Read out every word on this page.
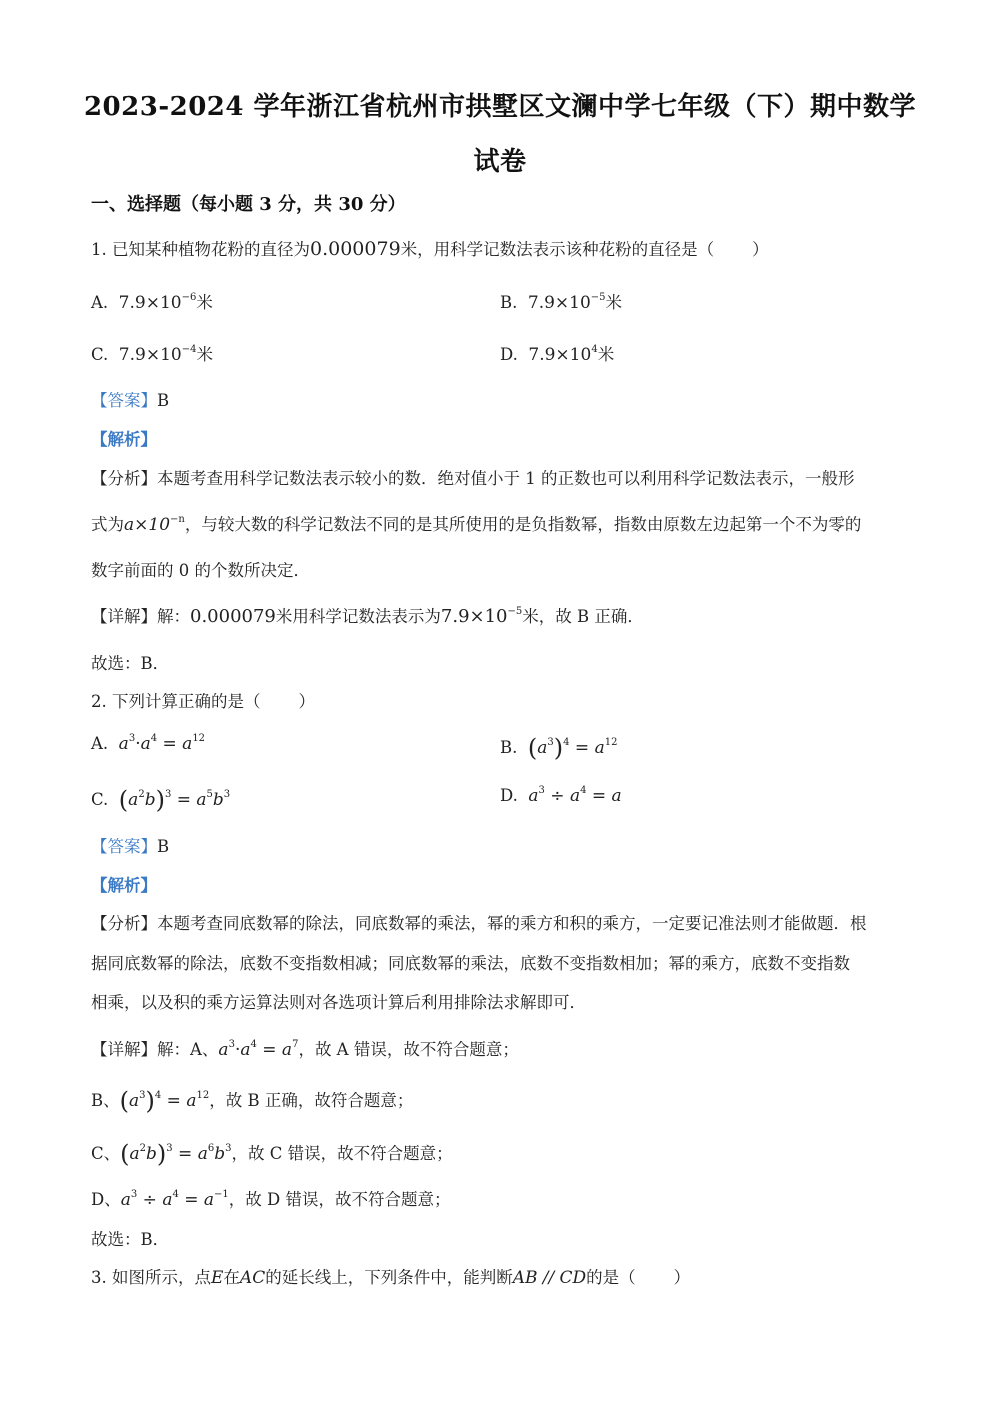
2023-2024 学年浙江省杭州市拱墅区文澜中学七年级（下）期中数学
试卷
一、选择题（每小题 3 分，共 30 分）
1. 已知某种植物花粉的直径为0.000079米，用科学记数法表示该种花粉的直径是（ ）
A. $7.9\times 10^{-6}$米	B. $7.9\times 10^{-5}$米
C. $7.9\times 10^{-4}$米	D. $7.9\times 10^4$米
【答案】B
【解析】
【分析】本题考查用科学记数法表示较小的数．绝对值小于 1 的正数也可以利用科学记数法表示，一般形
式为$a\times 10^{-n}$，与较大数的科学记数法不同的是其所使用的是负指数幂，指数由原数左边起第一个不为零的
数字前面的 0 的个数所决定．
【详解】解：0.000079米用科学记数法表示为$7.9\times 10^{-5}$米，故 B 正确．
故选：B．
2. 下列计算正确的是（ ）
A. $a^3\cdot a^4 = a^{12}$	B. $(a^3)^4 = a^{12}$
C. $(a^2b)^3 = a^5b^3$	D. $a^3 \div a^4 = a$
【答案】B
【解析】
【分析】本题考查同底数幂的除法，同底数幂的乘法，幂的乘方和积的乘方，一定要记准法则才能做题．根
据同底数幂的除法，底数不变指数相减；同底数幂的乘法，底数不变指数相加；幂的乘方，底数不变指数
相乘，以及积的乘方运算法则对各选项计算后利用排除法求解即可．
【详解】解：A、$a^3\cdot a^4 = a^7$，故 A 错误，故不符合题意；
B、$(a^3)^4 = a^{12}$，故 B 正确，故符合题意；
C、$(a^2b)^3 = a^6b^3$，故 C 错误，故不符合题意；
D、$a^3 \div a^4 = a^{-1}$，故 D 错误，故不符合题意；
故选：B．
3. 如图所示，点E在AC的延长线上，下列条件中，能判断AB // CD的是（ ）
